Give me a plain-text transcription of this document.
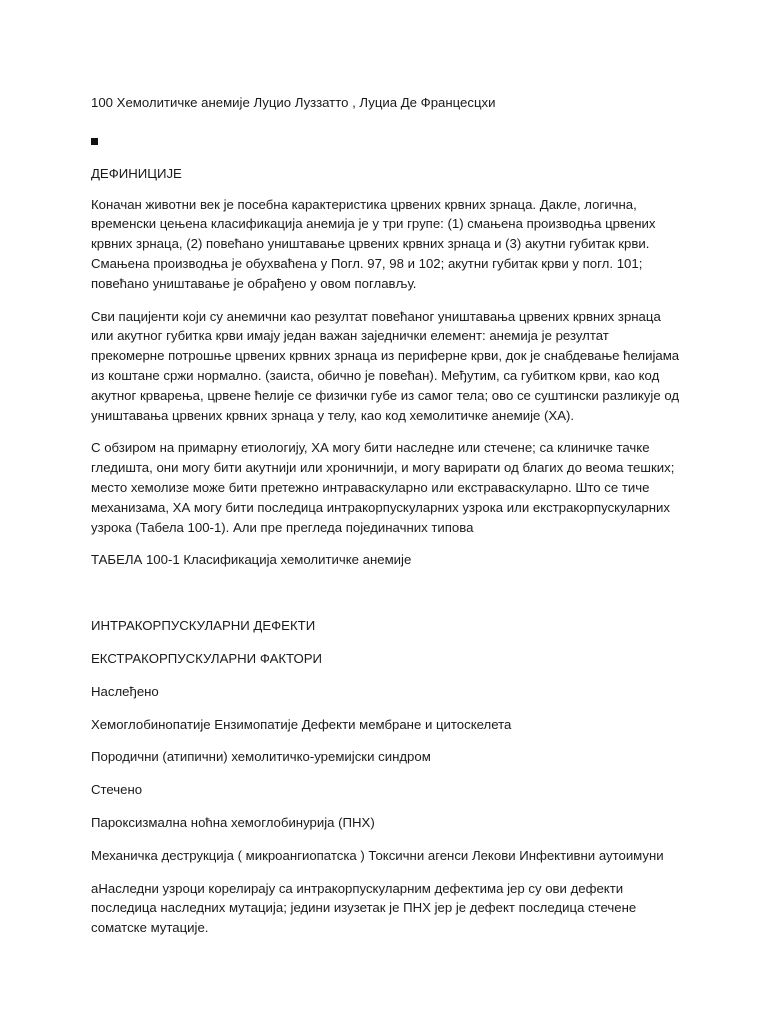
100 Хемолитичке анемије Луцио Луззатто , Луциа Де Францесцхи

ДЕФИНИЦИЈЕ

Коначан животни век је посебна карактеристика црвених крвних зрнаца. Дакле, логична, временски цењена класификација анемија је у три групе: (1) смањена производња црвених крвних зрнаца, (2) повећано уништавање црвених крвних зрнаца и (3) акутни губитак крви. Смањена производња је обухваћена у Погл. 97, 98 и 102; акутни губитак крви у погл. 101; повећано уништавање је обрађено у овом поглављу.

Сви пацијенти који су анемични као резултат повећаног уништавања црвених крвних зрнаца или акутног губитка крви имају један важан заједнички елемент: анемија је резултат прекомерне потрошње црвених крвних зрнаца из периферне крви, док је снабдевање ћелијама из коштане сржи нормално. (заиста, обично је повећан). Међутим, са губитком крви, као код акутног крварења, црвене ћелије се физички губе из самог тела; ово се суштински разликује од уништавања црвених крвних зрнаца у телу, као код хемолитичке анемије (ХА).

С обзиром на примарну етиологију, ХА могу бити наследне или стечене; са клиничке тачке гледишта, они могу бити акутнији или хроничнији, и могу варирати од благих до веома тешких; место хемолизе може бити претежно интраваскуларно или екстраваскуларно. Што се тиче механизама, ХА могу бити последица интракорпускуларних узрока или екстракорпускуларних узрока (Табела 100-1). Али пре прегледа појединачних типова

ТАБЕЛА 100-1 Класификација хемолитичке анемије

ИНТРАКОРПУСКУЛАРНИ ДЕФЕКТИ

ЕКСТРАКОРПУСКУЛАРНИ ФАКТОРИ

Наслеђено

Хемоглобинопатије Ензимопатије Дефекти мембране и цитоскелета

Породични (атипични) хемолитичко-уремијски синдром

Стечено

Пароксизмална ноћна хемоглобинурија (ПНХ)

Механичка деструкција ( микроангиопатска ) Токсични агенси Лекови Инфективни аутоимуни

аНаследни узроци корелирају са интракорпускуларним дефектима јер су ови дефекти последица наследних мутација; једини изузетак је ПНХ јер је дефект последица стечене соматске мутације.
